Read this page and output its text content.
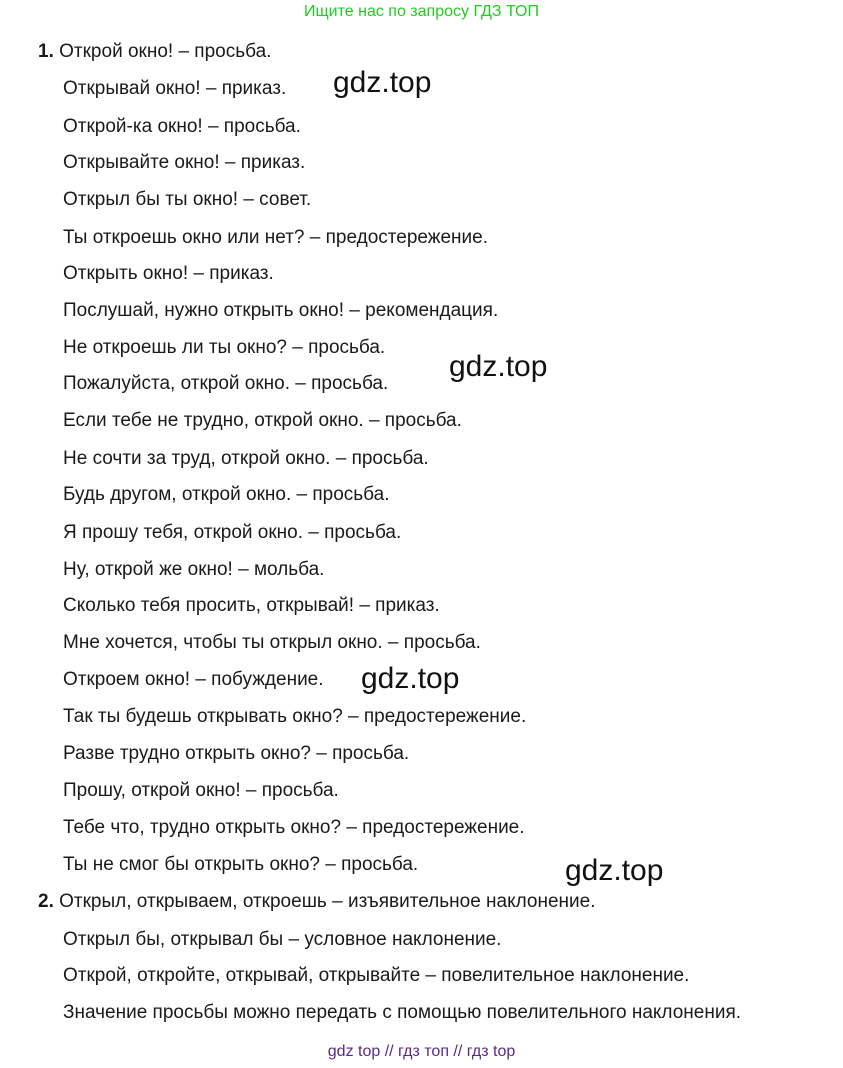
Ищите нас по запросу ГДЗ ТОП
1. Открой окно! – просьба.
Открывай окно! – приказ.
Открой-ка окно! – просьба.
Открывайте окно! – приказ.
Открыл бы ты окно! – совет.
Ты откроешь окно или нет? – предостережение.
Открыть окно! – приказ.
Послушай, нужно открыть окно! – рекомендация.
Не откроешь ли ты окно? – просьба.
Пожалуйста, открой окно. – просьба.
Если тебе не трудно, открой окно. – просьба.
Не сочти за труд, открой окно. – просьба.
Будь другом, открой окно. – просьба.
Я прошу тебя, открой окно. – просьба.
Ну, открой же окно! – мольба.
Сколько тебя просить, открывай! – приказ.
Мне хочется, чтобы ты открыл окно. – просьба.
Откроем окно! – побуждение.
Так ты будешь открывать окно? – предостережение.
Разве трудно открыть окно? – просьба.
Прошу, открой окно! – просьба.
Тебе что, трудно открыть окно? – предостережение.
Ты не смог бы открыть окно? – просьба.
2. Открыл, открываем, откроешь – изъявительное наклонение.
Открыл бы, открывал бы – условное наклонение.
Открой, откройте, открывай, открывайте – повелительное наклонение.
Значение просьбы можно передать с помощью повелительного наклонения.
gdz.top
gdz.top
gdz.top
gdz.top
gdz top // гдз топ // гдз top
